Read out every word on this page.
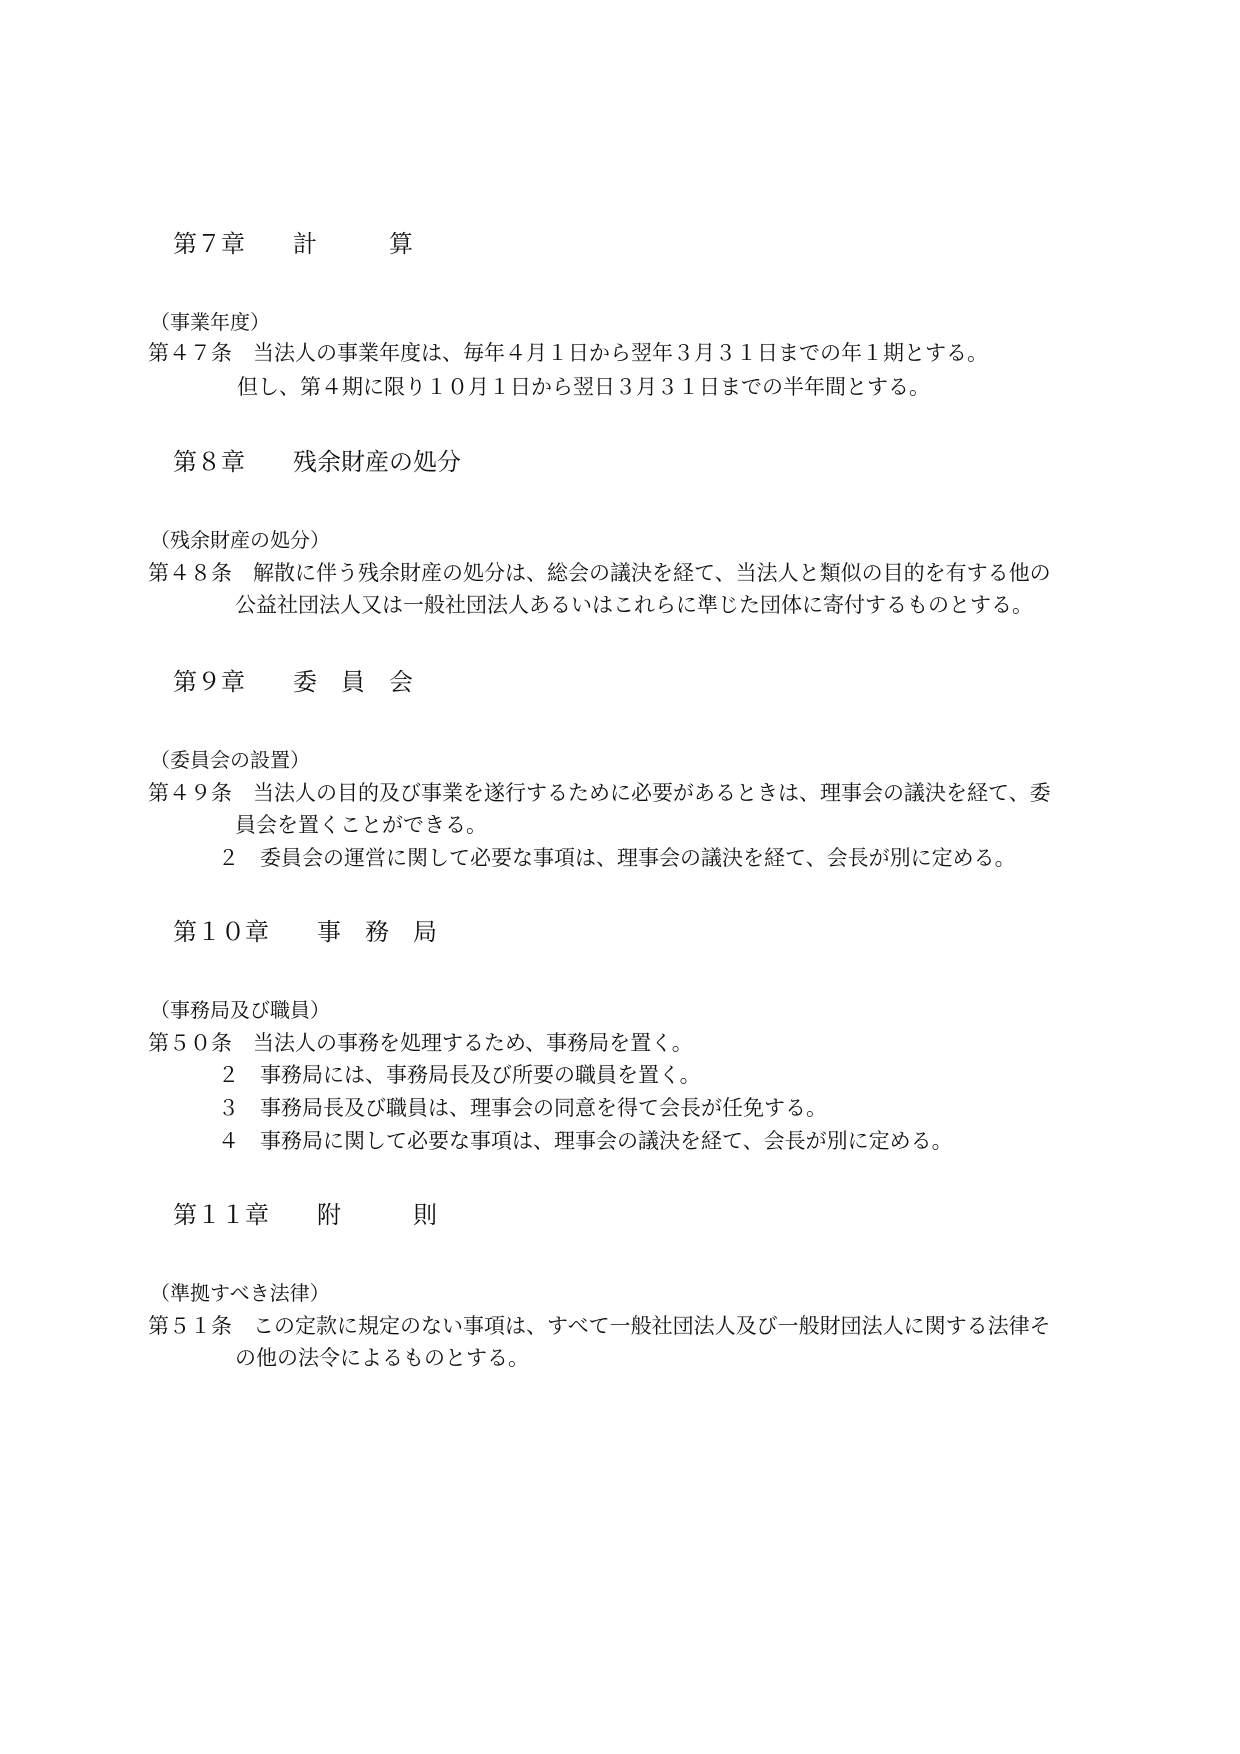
第７章　　計　　　算
（事業年度）
第４７条　当法人の事業年度は、毎年４月１日から翌年３月３１日までの年１期とする。
但し、第４期に限り１０月１日から翌日３月３１日までの半年間とする。
第８章　　残余財産の処分
（残余財産の処分）
第４８条　解散に伴う残余財産の処分は、総会の議決を経て、当法人と類似の目的を有する他の
公益社団法人又は一般社団法人あるいはこれらに準じた団体に寄付するものとする。
第９章　　委　員　会
（委員会の設置）
第４９条　当法人の目的及び事業を遂行するために必要があるときは、理事会の議決を経て、委
員会を置くことができる。
２　委員会の運営に関して必要な事項は、理事会の議決を経て、会長が別に定める。
第１０章　　事　務　局
（事務局及び職員）
第５０条　当法人の事務を処理するため、事務局を置く。
２　事務局には、事務局長及び所要の職員を置く。
３　事務局長及び職員は、理事会の同意を得て会長が任免する。
４　事務局に関して必要な事項は、理事会の議決を経て、会長が別に定める。
第１１章　　附　　　則
（準拠すべき法律）
第５１条　この定款に規定のない事項は、すべて一般社団法人及び一般財団法人に関する法律そ
の他の法令によるものとする。
